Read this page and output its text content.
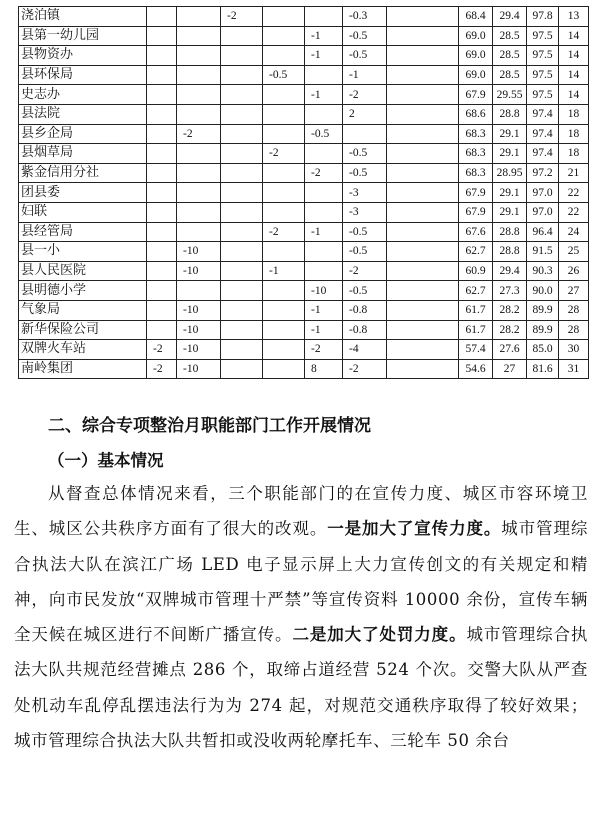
浇泊镇			-2			-0.3		68.4	29.4	97.8	13
县第一幼儿园					-1	-0.5		69.0	28.5	97.5	14
县物资办					-1	-0.5		69.0	28.5	97.5	14
县环保局				-0.5		-1		69.0	28.5	97.5	14
史志办					-1	-2		67.9	29.55	97.5	14
县法院						2		68.6	28.8	97.4	18
县乡企局		-2			-0.5			68.3	29.1	97.4	18
县烟草局				-2		-0.5		68.3	29.1	97.4	18
紫金信用分社					-2	-0.5		68.3	28.95	97.2	21
团县委						-3		67.9	29.1	97.0	22
妇联						-3		67.9	29.1	97.0	22
县经管局				-2	-1	-0.5		67.6	28.8	96.4	24
县一小		-10				-0.5		62.7	28.8	91.5	25
县人民医院		-10		-1		-2		60.9	29.4	90.3	26
县明德小学					-10	-0.5		62.7	27.3	90.0	27
气象局		-10			-1	-0.8		61.7	28.2	89.9	28
新华保险公司		-10			-1	-0.8		61.7	28.2	89.9	28
双牌火车站	-2	-10			-2	-4		57.4	27.6	85.0	30
南岭集团	-2	-10			8	-2		54.6	27	81.6	31
二、综合专项整治月职能部门工作开展情况
（一）基本情况
从督查总体情况来看，三个职能部门的在宣传力度、城区市容环境卫生、城区公共秩序方面有了很大的改观。一是加大了宣传力度。城市管理综合执法大队在滨江广场 LED 电子显示屏上大力宣传创文的有关规定和精神，向市民发放“双牌城市管理十严禁”等宣传资料 10000 余份，宣传车辆全天候在城区进行不间断广播宣传。二是加大了处罚力度。城市管理综合执法大队共规范经营摊点 286 个，取缔占道经营 524 个次。交警大队从严查处机动车乱停乱摆违法行为为 274 起，对规范交通秩序取得了较好效果；城市管理综合执法大队共暂扣或没收两轮摩托车、三轮车 50 余台
